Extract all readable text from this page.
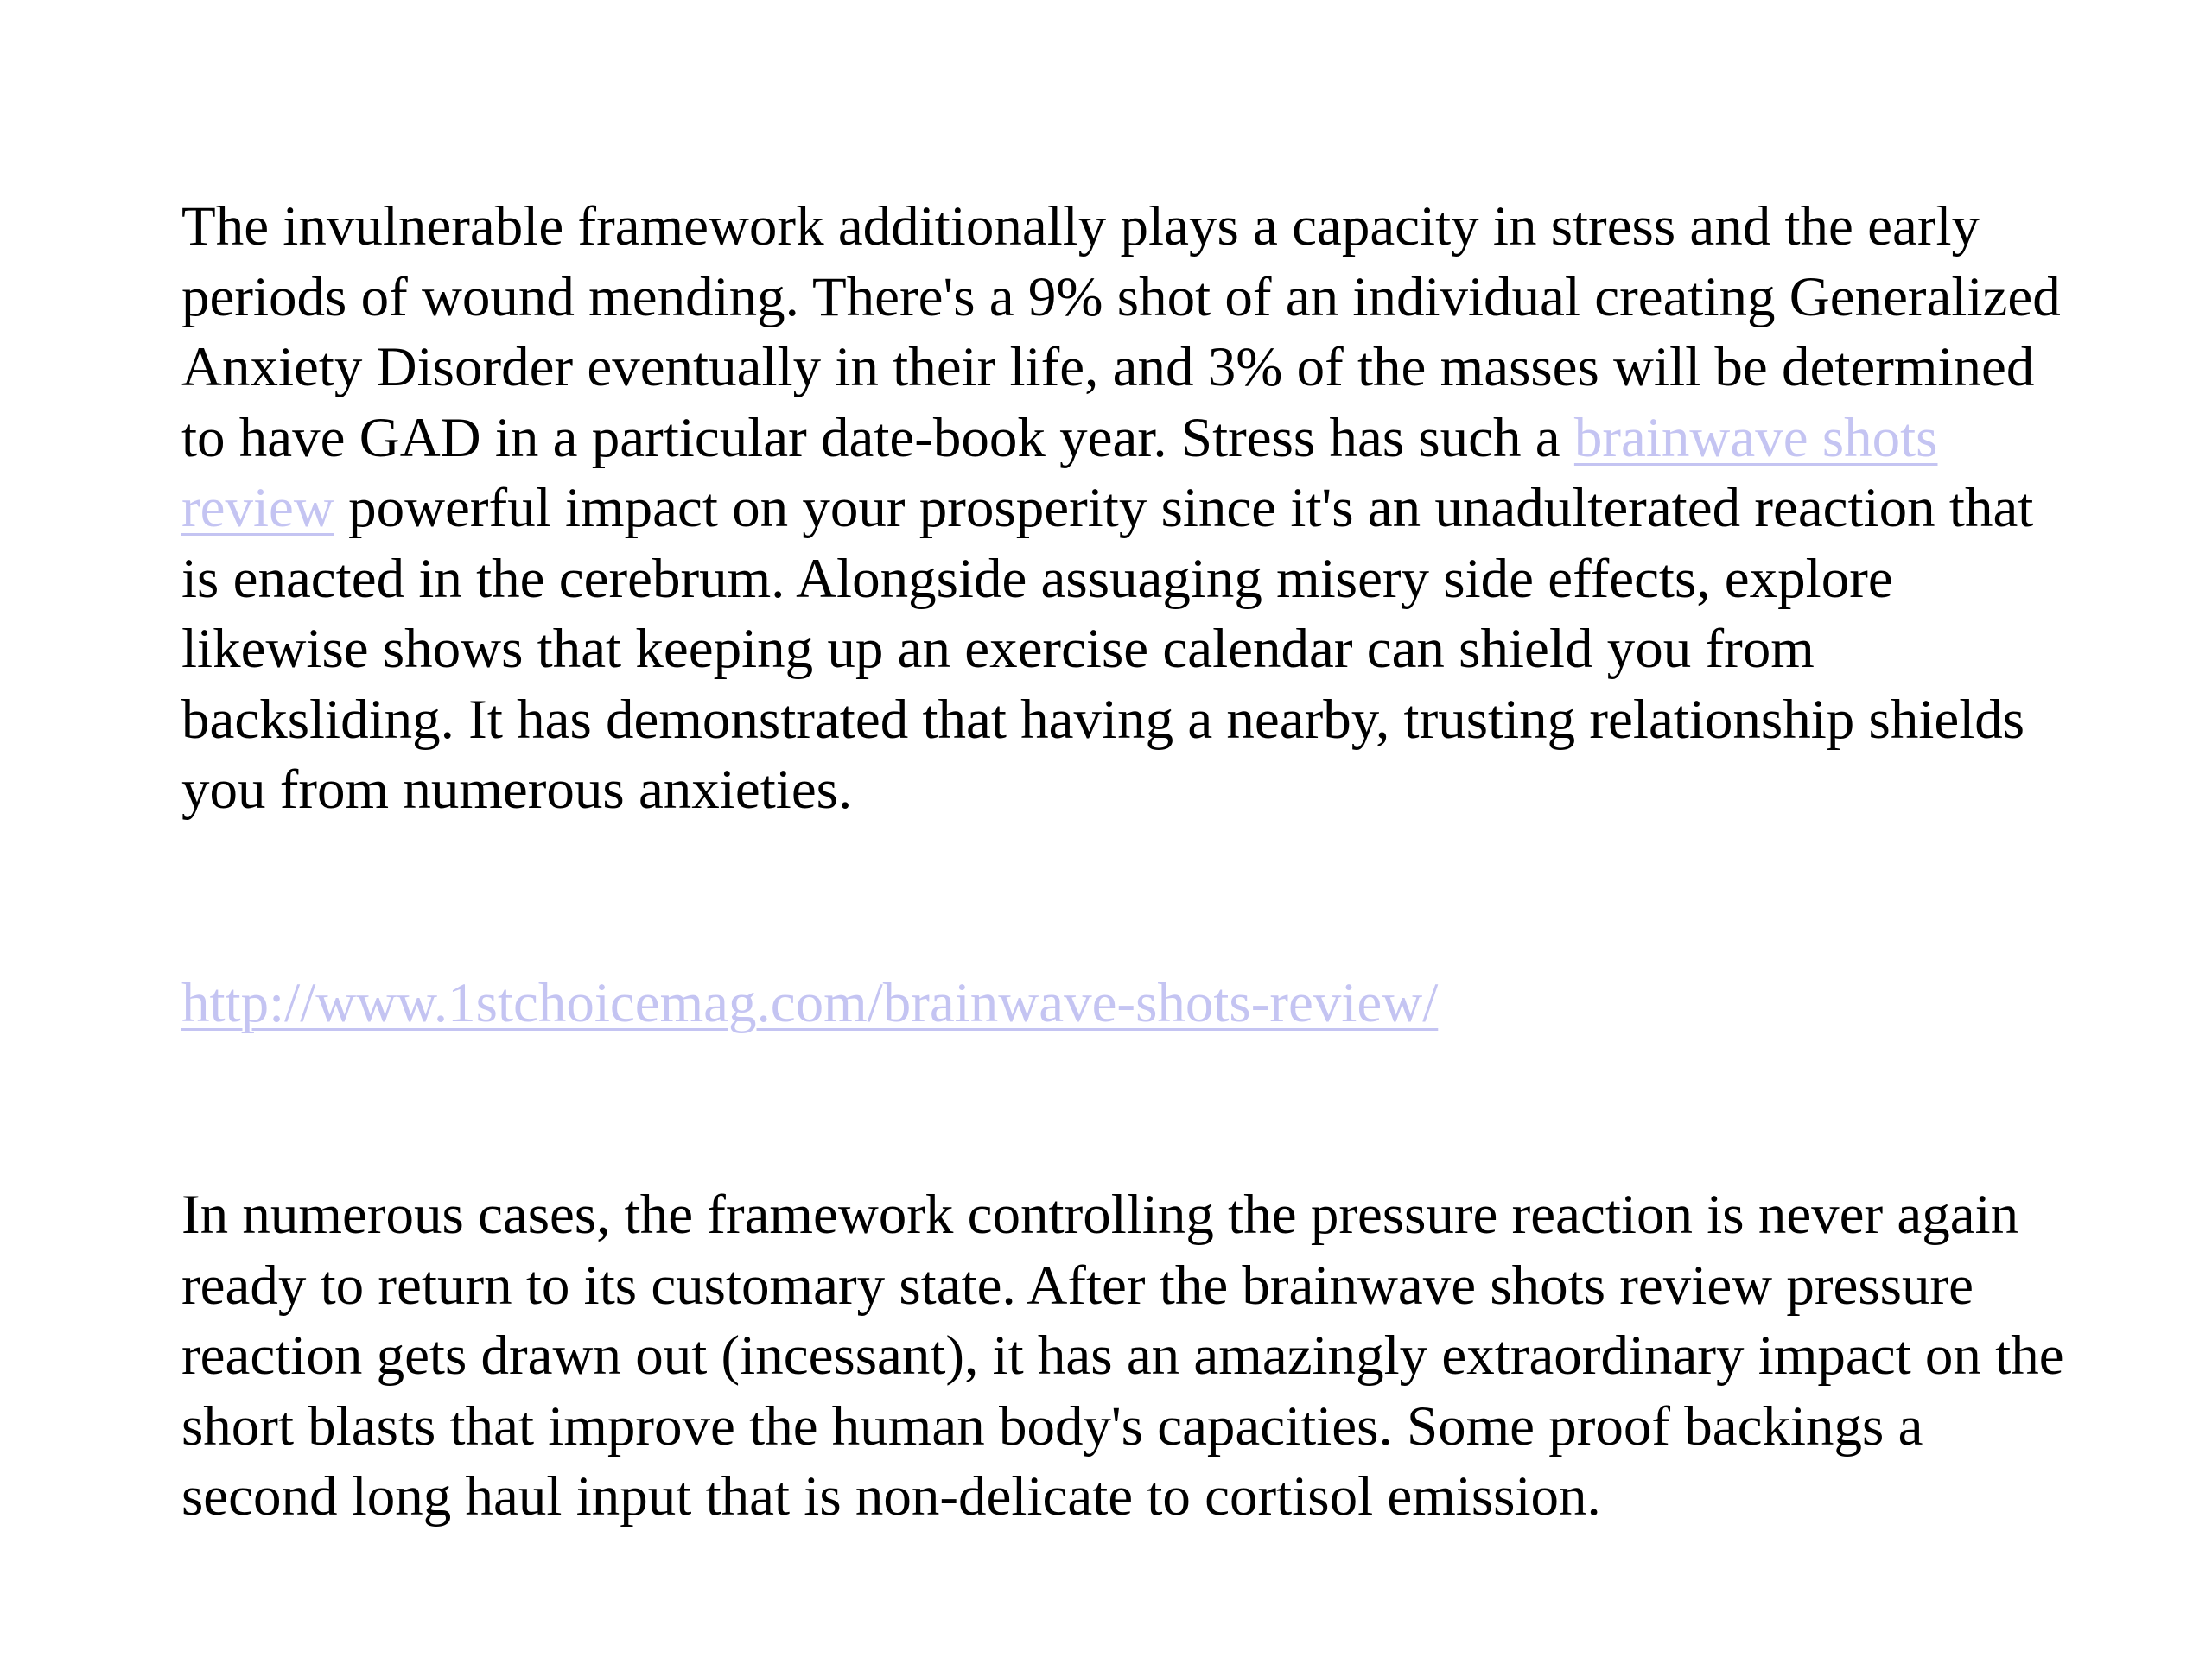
The invulnerable framework additionally plays a capacity in stress and the early periods of wound mending. There's a 9% shot of an individual creating Generalized Anxiety Disorder eventually in their life, and 3% of the masses will be determined to have GAD in a particular date-book year. Stress has such a brainwave shots review powerful impact on your prosperity since it's an unadulterated reaction that is enacted in the cerebrum. Alongside assuaging misery side effects, explore likewise shows that keeping up an exercise calendar can shield you from backsliding. It has demonstrated that having a nearby, trusting relationship shields you from numerous anxieties.

http://www.1stchoicemag.com/brainwave-shots-review/

In numerous cases, the framework controlling the pressure reaction is never again ready to return to its customary state. After the brainwave shots review pressure reaction gets drawn out (incessant), it has an amazingly extraordinary impact on the short blasts that improve the human body's capacities. Some proof backings a second long haul input that is non-delicate to cortisol emission.
